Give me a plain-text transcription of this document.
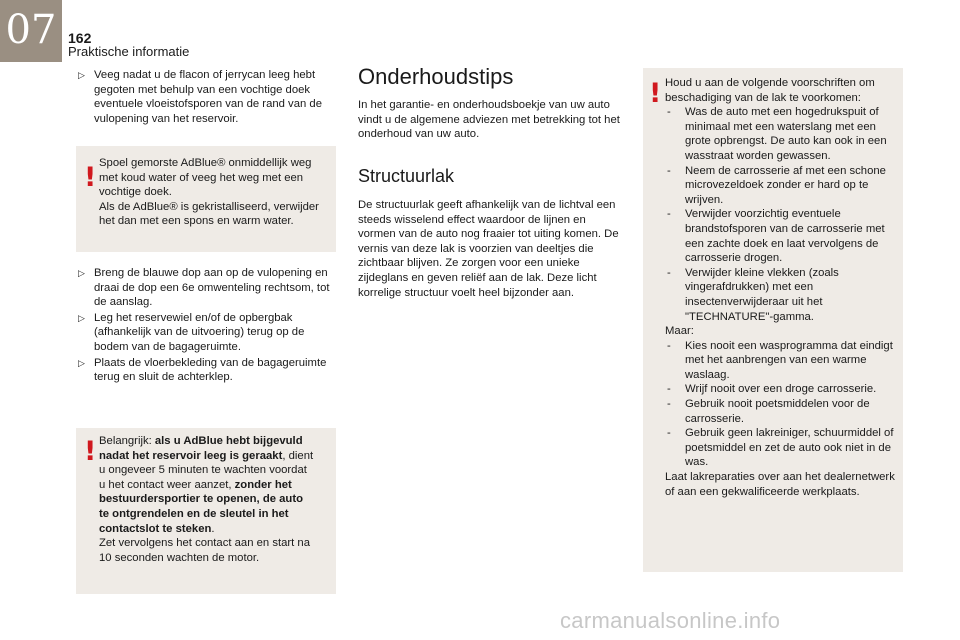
07 162
Praktische informatie
▷ Veeg nadat u de flacon of jerrycan leeg hebt gegoten met behulp van een vochtige doek eventuele vloeistofsporen van de rand van de vulopening van het reservoir.
! Spoel gemorste AdBlue® onmiddellijk weg met koud water of veeg het weg met een vochtige doek.

Als de AdBlue® is gekristalliseerd, verwijder het dan met een spons en warm water.

▷ Breng de blauwe dop aan op de vulopening en draai de dop een 6e omwenteling rechtsom, tot de aanslag.
▷ Leg het reservewiel en/of de opbergbak (afhankelijk van de uitvoering) terug op de bodem van de bagageruimte.
▷ Plaats de vloerbekleding van de bagageruimte terug en sluit de achterklep.
! Belangrijk: als u AdBlue hebt bijgevuld nadat het reservoir leeg is geraakt, dient u ongeveer 5 minuten te wachten voordat u het contact weer aanzet, zonder het bestuurdersportier te openen, de auto te ontgrendelen en de sleutel in het contactslot te steken.

Zet vervolgens het contact aan en start na 10 seconden wachten de motor.

Onderhoudstips
In het garantie- en onderhoudsboekje van uw auto vindt u de algemene adviezen met betrekking tot het onderhoud van uw auto.
Structuurlak
De structuurlak geeft afhankelijk van de lichtval een steeds wisselend effect waardoor de lijnen en vormen van de auto nog fraaier tot uiting komen. De vernis van deze lak is voorzien van deeltjes die zichtbaar blijven. Ze zorgen voor een unieke zijdeglans en geven reliëf aan de lak. Deze licht korrelige structuur voelt heel bijzonder aan.
! Houd u aan de volgende voorschriften om beschadiging van de lak te voorkomen:

- Was de auto met een hogedrukspuit of minimaal met een waterslang met een grote opbrengst. De auto kan ook in een wasstraat worden gewassen.
- Neem de carrosserie af met een schone microvezeldoek zonder er hard op te wrijven.
- Verwijder voorzichtig eventuele brandstofsporen van de carrosserie met een zachte doek en laat vervolgens de carrosserie drogen.
- Verwijder kleine vlekken (zoals vingerafdrukken) met een insectenverwijderaar uit het "TECHNATURE"-gamma.

Maar:

- Kies nooit een wasprogramma dat eindigt met het aanbrengen van een warme waslaag.
- Wrijf nooit over een droge carrosserie.
- Gebruik nooit poetsmiddelen voor de carrosserie.
- Gebruik geen lakreiniger, schuurmiddel of poetsmiddel en zet de auto ook niet in de was.

Laat lakreparaties over aan het dealernetwerk of aan een gekwalificeerde werkplaats.

carmanualsonline.info
